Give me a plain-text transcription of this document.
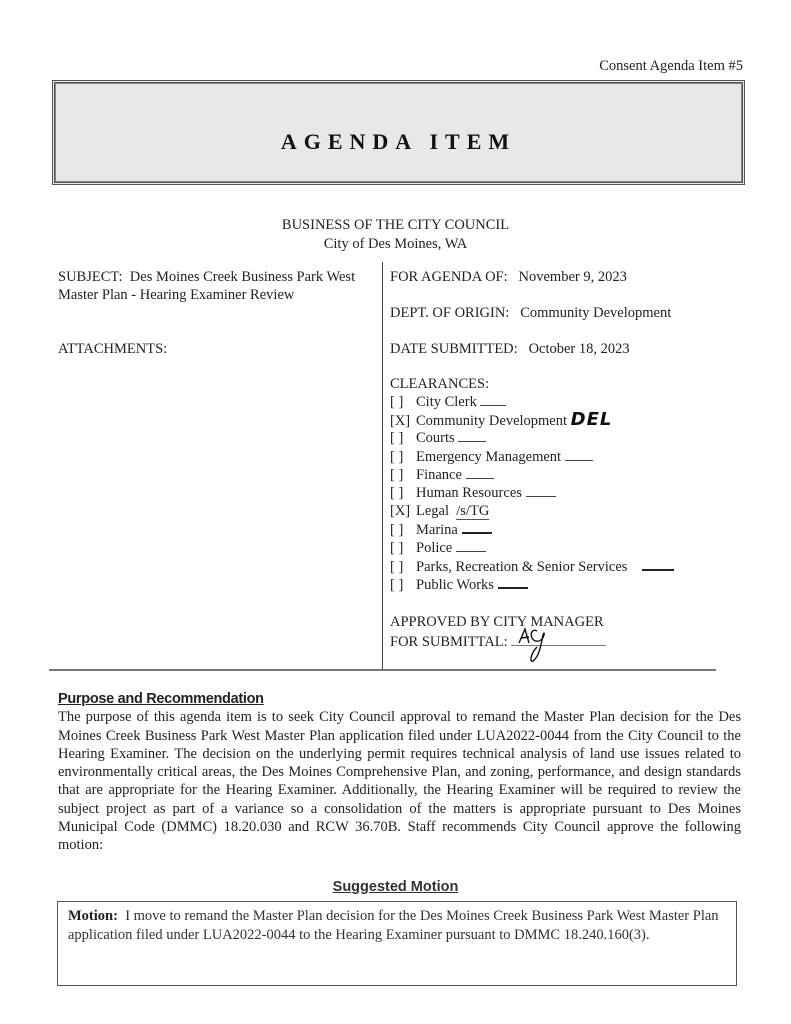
Consent Agenda Item #5
AGENDA ITEM
BUSINESS OF THE CITY COUNCIL
City of Des Moines, WA
SUBJECT: Des Moines Creek Business Park West Master Plan - Hearing Examiner Review
ATTACHMENTS:
FOR AGENDA OF: November 9, 2023
DEPT. OF ORIGIN: Community Development
DATE SUBMITTED: October 18, 2023
CLEARANCES:
[ ] City Clerk
[X] Community Development DEL
[ ] Courts
[ ] Emergency Management
[ ] Finance
[ ] Human Resources
[X] Legal /s/TG
[ ] Marina
[ ] Police
[ ] Parks, Recreation & Senior Services
[ ] Public Works
APPROVED BY CITY MANAGER
FOR SUBMITTAL:
Purpose and Recommendation

The purpose of this agenda item is to seek City Council approval to remand the Master Plan decision for the Des Moines Creek Business Park West Master Plan application filed under LUA2022-0044 from the City Council to the Hearing Examiner. The decision on the underlying permit requires technical analysis of land use issues related to environmentally critical areas, the Des Moines Comprehensive Plan, and zoning, performance, and design standards that are appropriate for the Hearing Examiner. Additionally, the Hearing Examiner will be required to review the subject project as part of a variance so a consolidation of the matters is appropriate pursuant to Des Moines Municipal Code (DMMC) 18.20.030 and RCW 36.70B. Staff recommends City Council approve the following motion:

Suggested Motion
Motion: I move to remand the Master Plan decision for the Des Moines Creek Business Park West Master Plan application filed under LUA2022-0044 to the Hearing Examiner pursuant to DMMC 18.240.160(3).
